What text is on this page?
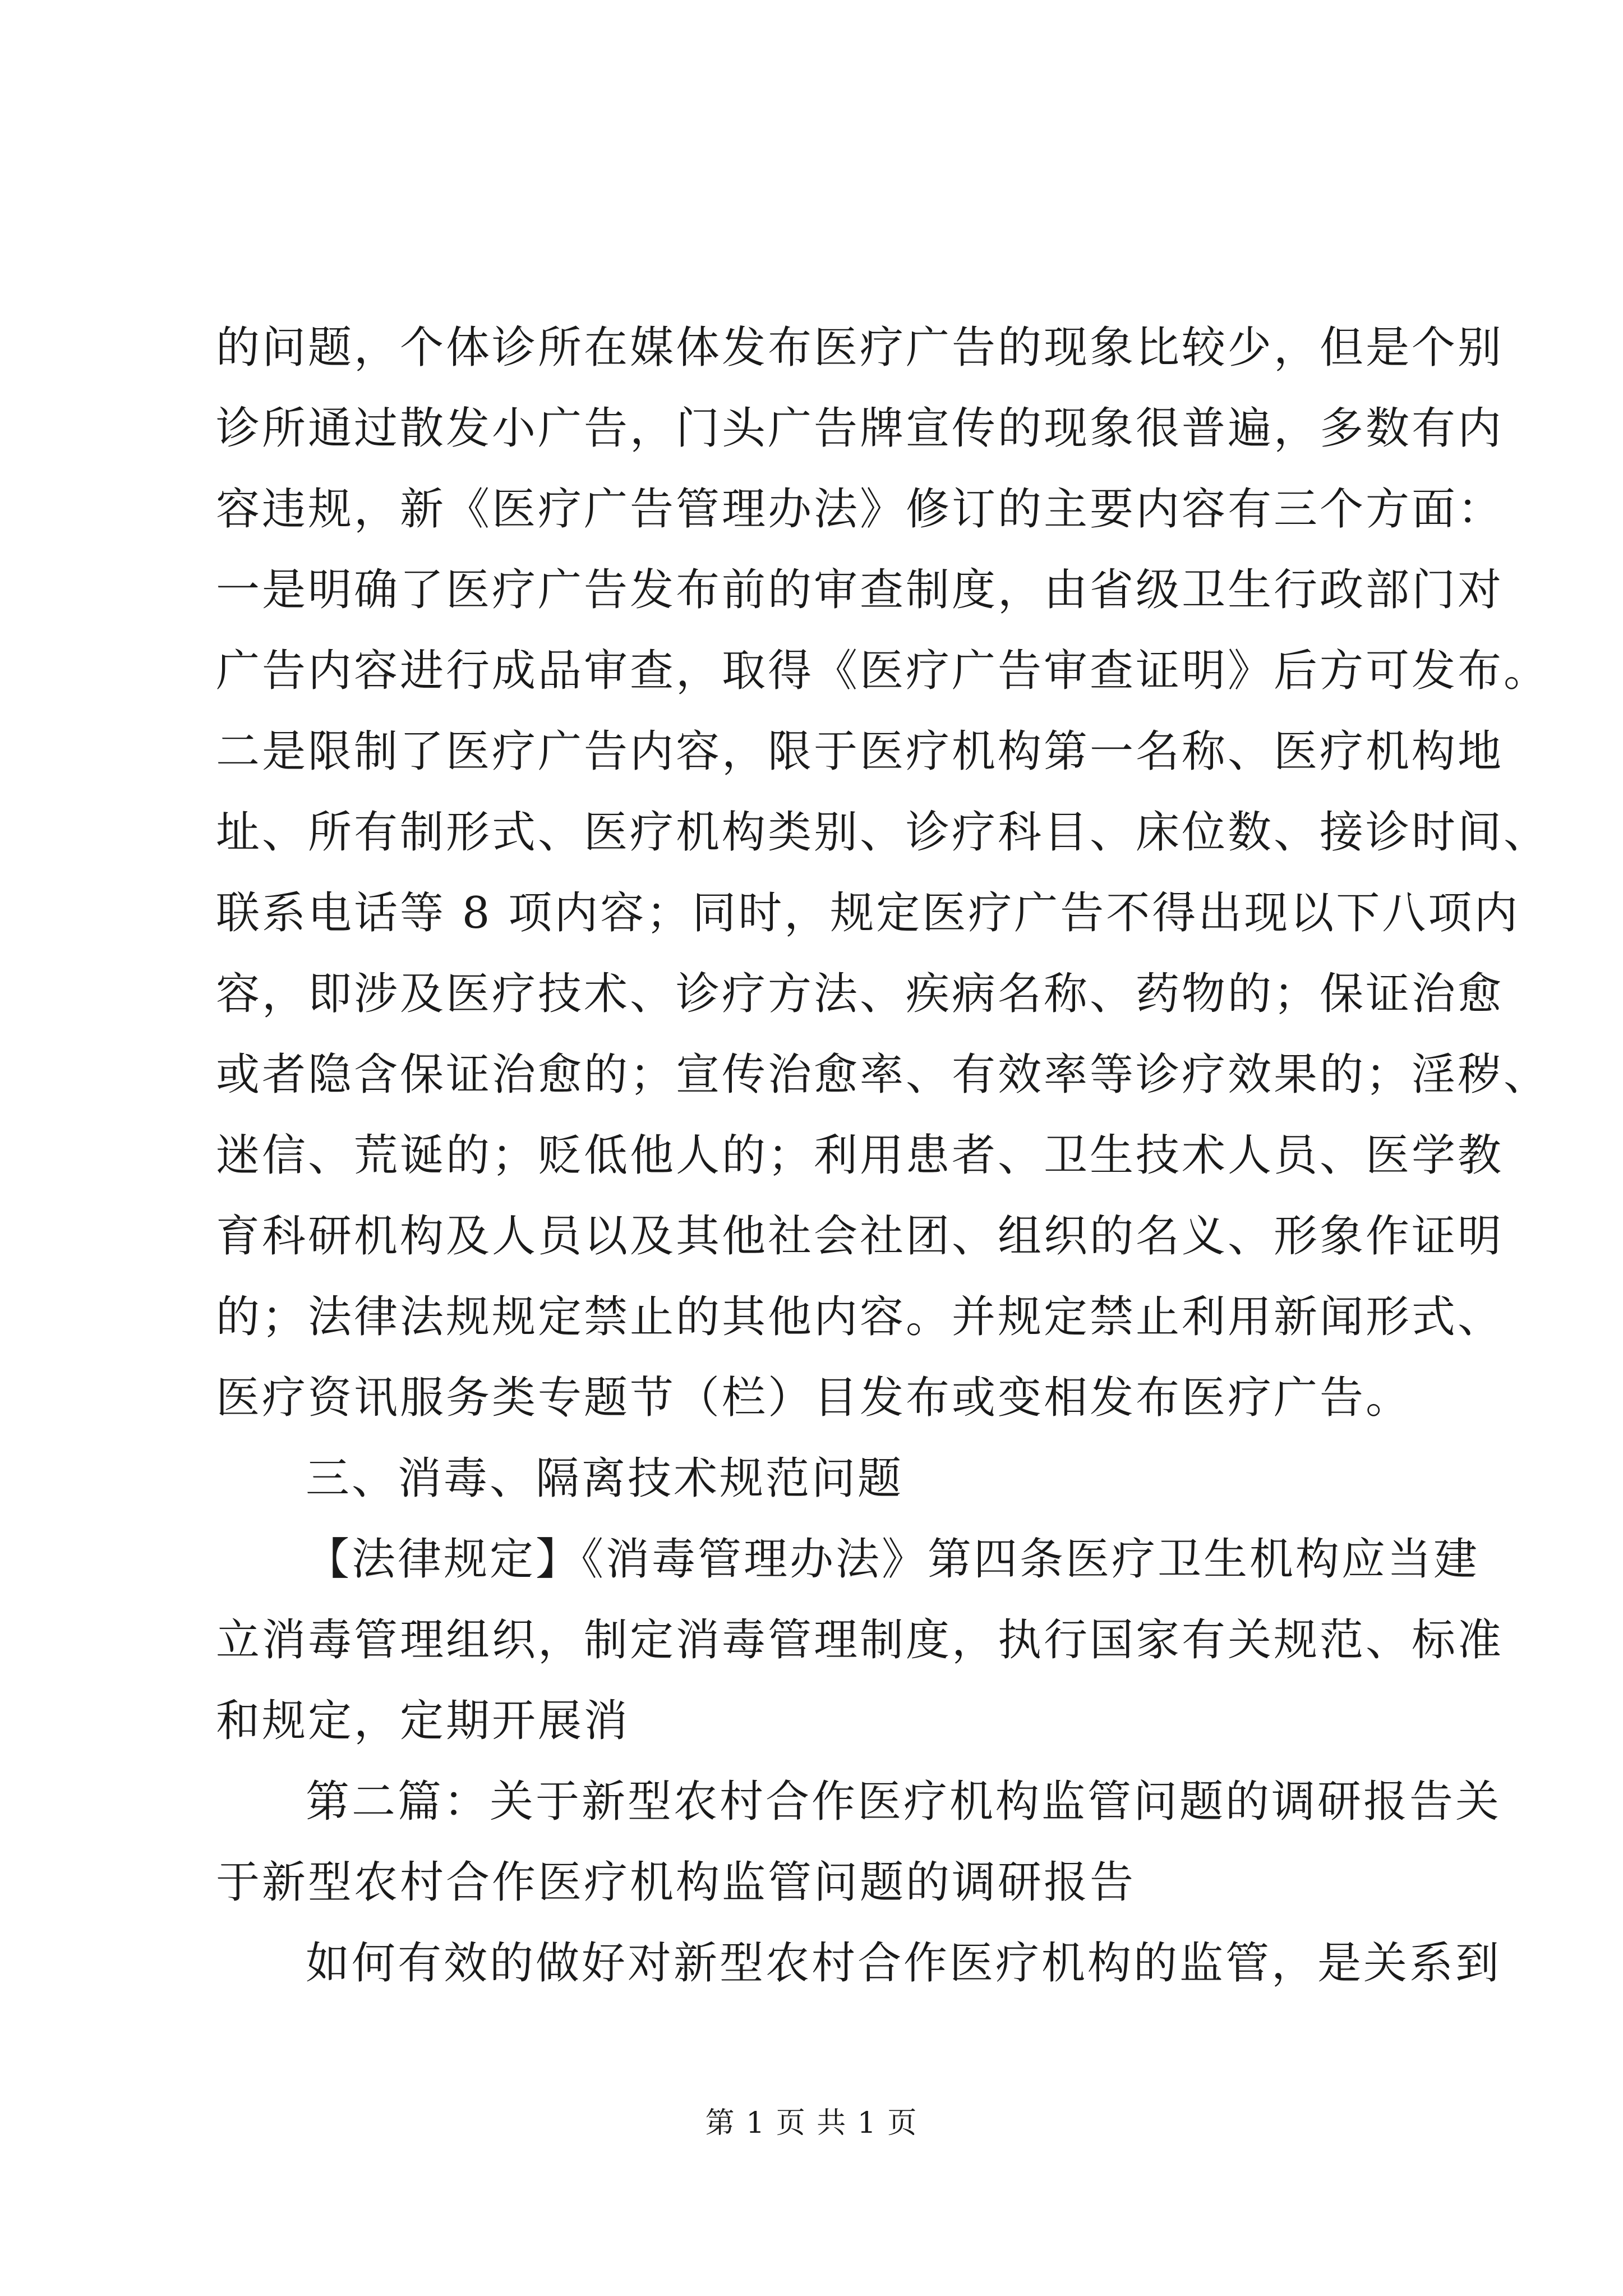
的问题，个体诊所在媒体发布医疗广告的现象比较少，但是个别
诊所通过散发小广告，门头广告牌宣传的现象很普遍，多数有内
容违规，新《医疗广告管理办法》修订的主要内容有三个方面：
一是明确了医疗广告发布前的审查制度，由省级卫生行政部门对
广告内容进行成品审查，取得《医疗广告审查证明》后方可发布。
二是限制了医疗广告内容，限于医疗机构第一名称、医疗机构地
址、所有制形式、医疗机构类别、诊疗科目、床位数、接诊时间、
联系电话等 8 项内容；同时，规定医疗广告不得出现以下八项内
容，即涉及医疗技术、诊疗方法、疾病名称、药物的；保证治愈
或者隐含保证治愈的；宣传治愈率、有效率等诊疗效果的；淫秽、
迷信、荒诞的；贬低他人的；利用患者、卫生技术人员、医学教
育科研机构及人员以及其他社会社团、组织的名义、形象作证明
的；法律法规规定禁止的其他内容。并规定禁止利用新闻形式、
医疗资讯服务类专题节（栏）目发布或变相发布医疗广告。
三、消毒、隔离技术规范问题
【法律规定】《消毒管理办法》第四条医疗卫生机构应当建
立消毒管理组织，制定消毒管理制度，执行国家有关规范、标准
和规定，定期开展消
第二篇：关于新型农村合作医疗机构监管问题的调研报告关
于新型农村合作医疗机构监管问题的调研报告
如何有效的做好对新型农村合作医疗机构的监管，是关系到
第 1 页 共 1 页
